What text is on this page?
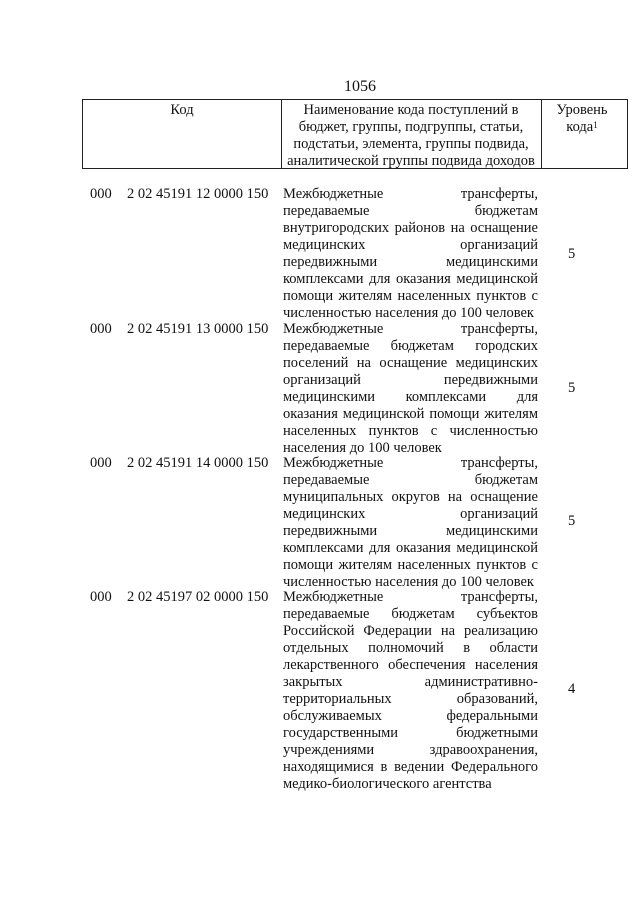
1056
Код	Наименование кода поступлений в бюджет, группы, подгруппы, статьи, подстатьи, элемента, группы подвида, аналитической группы подвида доходов
Уровень кода$^1$
000 2 02 45191 12 0000 150 Межбюджетные трансферты, передаваемые бюджетам внутригородских районов на оснащение медицинских организаций передвижными медицинскими комплексами для оказания медицинской помощи жителям населенных пунктов с численностью населения до 100 человек
5
000 2 02 45191 13 0000 150 Межбюджетные трансферты, передаваемые бюджетам городских поселений на оснащение медицинских организаций передвижными медицинскими комплексами для оказания медицинской помощи жителям населенных пунктов с численностью населения до 100 человек
5
000 2 02 45191 14 0000 150 Межбюджетные трансферты, передаваемые бюджетам муниципальных округов на оснащение медицинских организаций передвижными медицинскими комплексами для оказания медицинской помощи жителям населенных пунктов с численностью населения до 100 человек
5
000 2 02 45197 02 0000 150 Межбюджетные трансферты, передаваемые бюджетам субъектов Российской Федерации на реализацию отдельных полномочий в области лекарственного обеспечения населения закрытых административно-территориальных образований, обслуживаемых федеральными государственными бюджетными учреждениями здравоохранения, находящимися в ведении Федерального медико-биологического агентства
4
